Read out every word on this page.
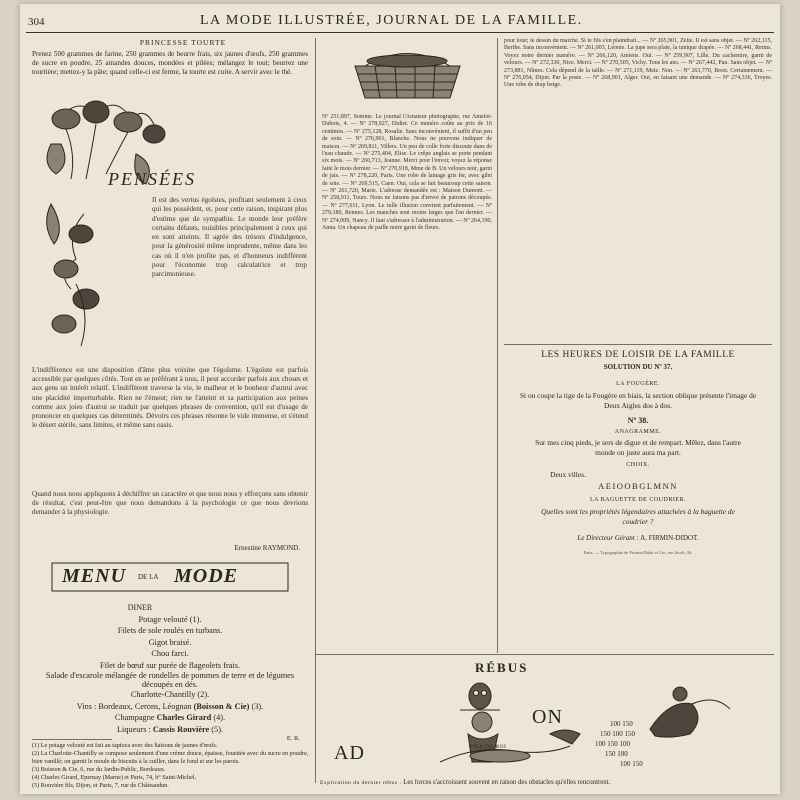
304	LA MODE ILLUSTRÉE, JOURNAL DE LA FAMILLE.
PRINCESSE TOURTE
Prenez 500 grammes de farine, 250 grammes de beurre frais, six jaunes d'œufs, 250 grammes de sucre en poudre, 25 amandes douces, mondées et pilées; mélangez le tout; beurrez une tourtière; mettez-y la pâte; quand celle-ci est ferme, la tourte est cuite. A servir avec le thé.
PENSÉES
Il est des vertus égoïstes, profitant seulement à ceux qui les possèdent, et, pour cette raison, inspirant plus d'estime que de sympathie. Le monde leur préfère certains défauts, nuisibles principalement à ceux qui en sont atteints. Il agrée des trésors d'indulgence, pour la générosité même imprudente, même dans les cas où il n'en profite pas, et d'honneurs indifférent pour l'économie trop calculatrice et trop parcimonieuse.
L'indifférence est une disposition d'âme plus voisine que l'égoïsme. L'égoïste est parfois accessible par quelques côtés. Tout en se préférant à tous, il peut accorder parfois aux choses et aux gens un intérêt relatif. L'indifférent traverse la vie, le malheur et le bonheur d'autrui avec une placidité imperturbable. Rien ne l'émeut; rien ne l'atteint et sa participation aux peines comme aux joies d'autrui se traduit par quelques phrases de convention, qu'il est d'usage de prononcer en quelques cas déterminés. Dévoirs ces phrases résonne le vide immense, et s'étend le désert stérile, sans limites, et même sans oasis.
Quand nous nous appliquons à déchiffrer un caractère et que nous nous y efforçons sans obtenir de résultat, c'est peut-être que nous demandons à la psychologie ce que nous devrions demander à la physiologie.
Ernestine RAYMOND.
MENU DE LA MODE
DINER
Potage velouté (1).
Filets de sole roulés en turbans.
Gigot braisé.
Chou farci.
Filet de bœuf sur purée de flageolets frais.
Salade d'escarole mélangée de rondelles de pommes de terre et de légumes découpés en dés.
Charlotte-Chantilly (2).
Vins : Bordeaux, Cerons, Léognan (Boisson & Cie) (3).
Champagne Charles Girard (4).
Liqueurs : Cassis Rouvière (5).
E. R.
(1) Le potage velouté est fait au tapioca avec des liaisons de jaunes d'œufs.
(2) La Charlotte-Chantilly se compose seulement d'une crème douce, épaisse, fouettée avec du sucre en poudre, bien vanillé; on garnit le moule de biscuits à la cuiller, dans le fond et sur les parois.
(3) Boisson & Cie, 6, rue du Jardin-Public, Bordeaux.
(4) Charles Girard, Epernay (Marne) et Paris, 74, b° Saint-Michel.
(5) Rouvière fils, Dijon, et Paris, 7, rue de Châteaudun.
Nº 251,897, Somme. Le journal l'Amateur photographe, rue Amelot-Dubois, 4. — Nº 278,927, Didier. Ce numéro coûte au prix de 16 centimes. — Nº 275,128, Rosalie. Sans inconvénient, il suffit d'un peu de soin. — Nº 276,901, Blanche. Nous ne pouvons indiquer de maison. — Nº 269,811, Villers. Un peu de colle forte dissoute dans de l'eau chaude. — Nº 275,404, Elise. Le crêpe anglais se porte pendant six mois. — Nº 260,713, Jeanne. Merci pour l'envoi; voyez la réponse faite le mois dernier. — Nº 270,918, Mme de B. Un velours noir, garni de jais. — Nº 278,220, Paris. Une robe de lainage gris fer, avec gilet de soie. — Nº 269,515, Caen. Oui, cela se fait beaucoup cette saison. — Nº 261,720, Marie. L'adresse demandée est : Maison Dumont. — Nº 258,911, Tours. Nous ne faisons pas d'envoi de patrons découpés. — Nº 277,611, Lyon. Le tulle illusion convient parfaitement. — Nº 279,180, Rennes. Les manches sont moins larges que l'an dernier. — Nº 274,009, Nancy. Il faut s'adresser à l'administration. — Nº 264,190, Anna. Un chapeau de paille noire garni de fleurs.
pour loué; le dessin du marché. Si le fils s'en plaindrait... — Nº 265,901, Zélie. Il est sans objet. — Nº 262,115, Berthe. Sans inconvénient. — Nº 261,003, Léonie. La jupe sera plate, la tunique drapée. — Nº 268,441, Reims. Voyez notre dernier numéro. — Nº 266,120, Amiens. Oui. — Nº 259,907, Lille. Du cachemire, garni de velours. — Nº 272,330, Nice. Merci. — Nº 270,505, Vichy. Tous les ans. — Nº 267,442, Pau. Sans objet. — Nº 273,881, Nîmes. Cela dépend de la taille. — Nº 271,119, Metz. Non. — Nº 263,770, Brest. Certainement. — Nº 276,054, Dijon. Par la poste. — Nº 268,901, Alger. Oui, en faisant une demande. — Nº 274,336, Troyes. Une robe de drap beige.
LES HEURES DE LOISIR DE LA FAMILLE
SOLUTION DU Nº 37.
LA FOUGÈRE.
Si on coupe la tige de la Fougère en biais, la section oblique présente l'image de Deux Aigles dos à dos.
Nº 38.
ANAGRAMME.
Sur mes cinq pieds, je sers de digue et de rempart. Mêlez, dans l'autre monde on juste aura ma part.
CHOIX.
Deux villes.
AEIOOBGLMNN
LA BAGUETTE DE COUDRIER.
Quelles sont les propriétés légendaires attachées à la baguette de coudrier ?
Le Directeur Gérant : A. FIRMIN-DIDOT.
Paris. — Typographie de Firmin-Didot et Cie, rue Jacob, 56.
RÉBUS
100 150
150 100 150
100 150 100
150 100
100 150
ON
AD	FILS DE ROI
Explication du dernier rébus : Les forces s'accroissent souvent en raison des obstacles qu'elles rencontrent.
